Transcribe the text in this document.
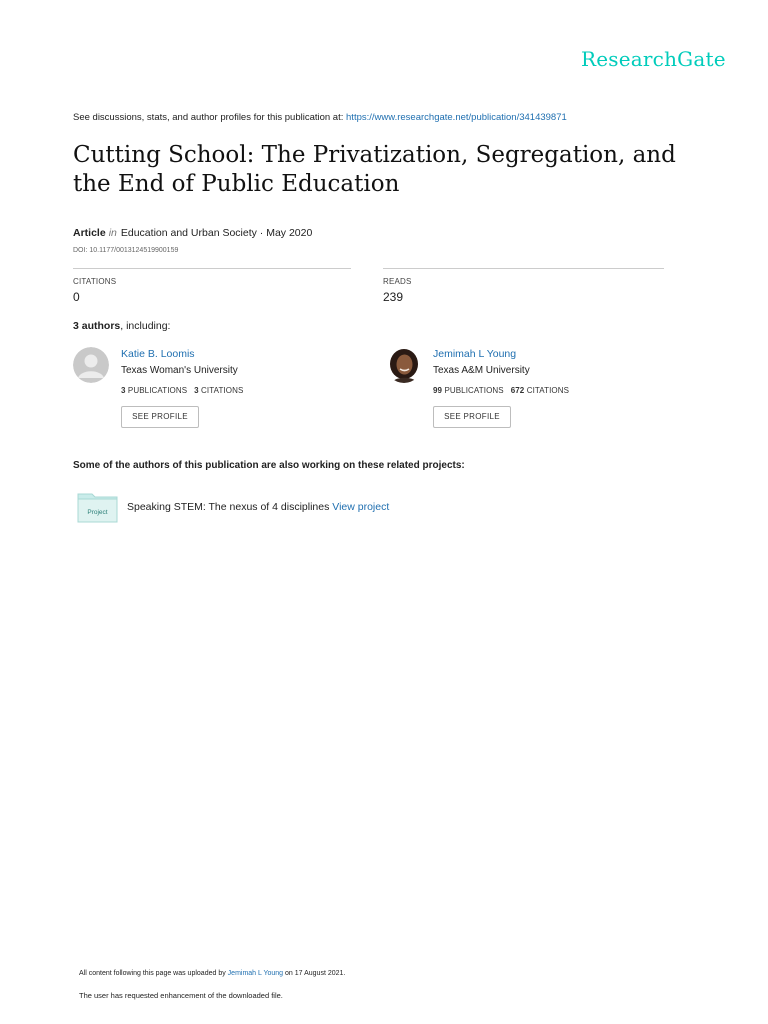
ResearchGate
See discussions, stats, and author profiles for this publication at: https://www.researchgate.net/publication/341439871
Cutting School: The Privatization, Segregation, and the End of Public Education
Article in Education and Urban Society · May 2020
DOI: 10.1177/0013124519900159
CITATIONS
0
READS
239
3 authors, including:
Katie B. Loomis
Texas Woman's University
3 PUBLICATIONS 3 CITATIONS
SEE PROFILE
Jemimah L Young
Texas A&M University
99 PUBLICATIONS 672 CITATIONS
SEE PROFILE
Some of the authors of this publication are also working on these related projects:
Project Speaking STEM: The nexus of 4 disciplines View project
All content following this page was uploaded by Jemimah L Young on 17 August 2021.
The user has requested enhancement of the downloaded file.
